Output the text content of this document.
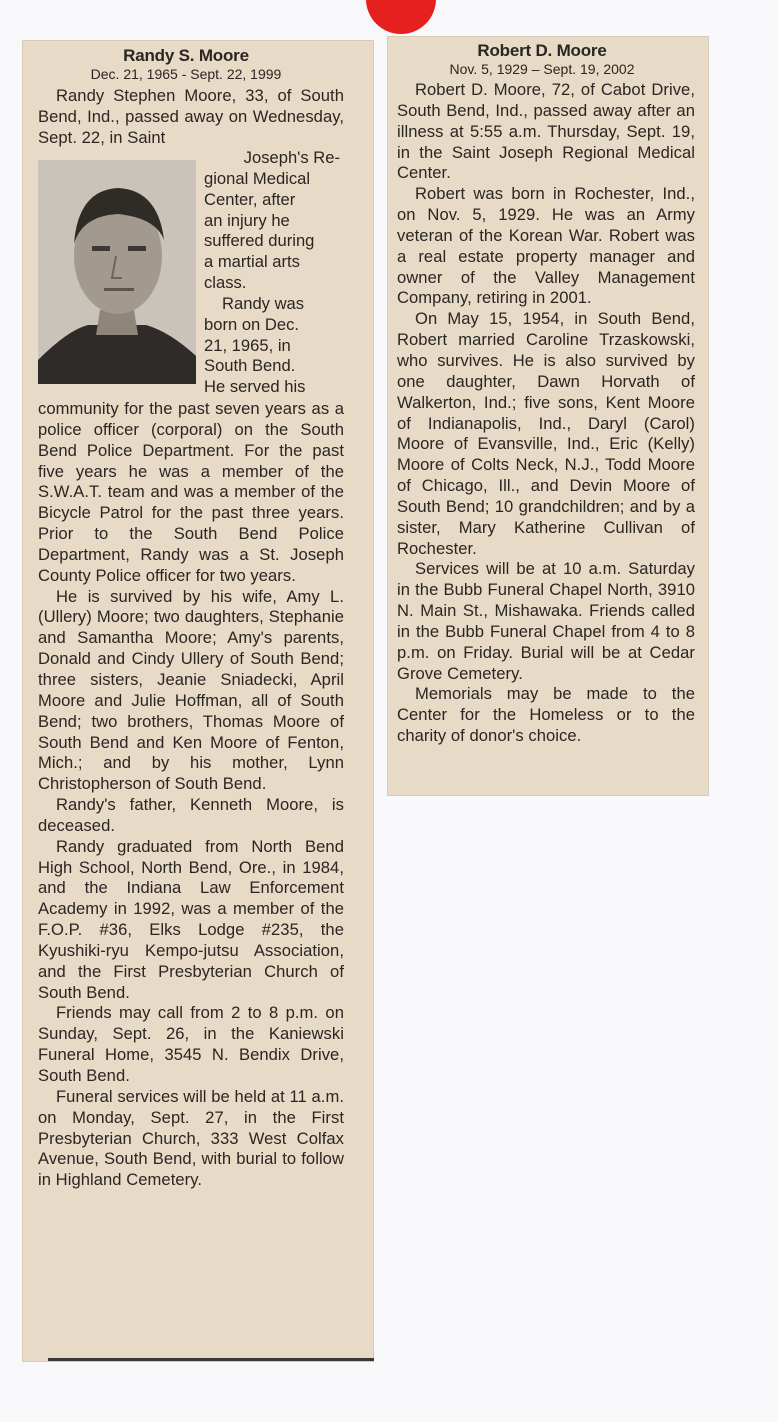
Randy S. Moore
Dec. 21, 1965 - Sept. 22, 1999

Randy Stephen Moore, 33, of South Bend, Ind., passed away on Wednesday, Sept. 22, in Saint

Joseph's Re-

gional Medical

Center, after

an injury he

suffered during

a martial arts

class.

Randy was

born on Dec.

21, 1965, in

South Bend.

He served his

community for the past seven years as a police officer (corporal) on the South Bend Police Department. For the past five years he was a member of the S.W.A.T. team and was a member of the Bicycle Patrol for the past three years. Prior to the South Bend Police Department, Randy was a St. Joseph County Police officer for two years.

He is survived by his wife, Amy L. (Ullery) Moore; two daughters, Stephanie and Samantha Moore; Amy's parents, Donald and Cindy Ullery of South Bend; three sisters, Jeanie Sniadecki, April Moore and Julie Hoffman, all of South Bend; two brothers, Thomas Moore of South Bend and Ken Moore of Fenton, Mich.; and by his mother, Lynn Christopherson of South Bend.

Randy's father, Kenneth Moore, is deceased.

Randy graduated from North Bend High School, North Bend, Ore., in 1984, and the Indiana Law Enforcement Academy in 1992, was a member of the F.O.P. #36, Elks Lodge #235, the Kyushiki-ryu Kempo-jutsu Association, and the First Presbyterian Church of South Bend.

Friends may call from 2 to 8 p.m. on Sunday, Sept. 26, in the Kaniewski Funeral Home, 3545 N. Bendix Drive, South Bend.

Funeral services will be held at 11 a.m. on Monday, Sept. 27, in the First Presbyterian Church, 333 West Colfax Avenue, South Bend, with burial to follow in Highland Cemetery.

Robert D. Moore
Nov. 5, 1929 – Sept. 19, 2002

Robert D. Moore, 72, of Cabot Drive, South Bend, Ind., passed away after an illness at 5:55 a.m. Thursday, Sept. 19, in the Saint Joseph Regional Medical Center.

Robert was born in Rochester, Ind., on Nov. 5, 1929. He was an Army veteran of the Korean War. Robert was a real estate property manager and owner of the Valley Management Company, retiring in 2001.

On May 15, 1954, in South Bend, Robert married Caroline Trzaskowski, who survives. He is also survived by one daughter, Dawn Horvath of Walkerton, Ind.; five sons, Kent Moore of Indianapolis, Ind., Daryl (Carol) Moore of Evansville, Ind., Eric (Kelly) Moore of Colts Neck, N.J., Todd Moore of Chicago, Ill., and Devin Moore of South Bend; 10 grandchildren; and by a sister, Mary Katherine Cullivan of Rochester.

Services will be at 10 a.m. Saturday in the Bubb Funeral Chapel North, 3910 N. Main St., Mishawaka. Friends called in the Bubb Funeral Chapel from 4 to 8 p.m. on Friday. Burial will be at Cedar Grove Cemetery.

Memorials may be made to the Center for the Homeless or to the charity of donor's choice.
